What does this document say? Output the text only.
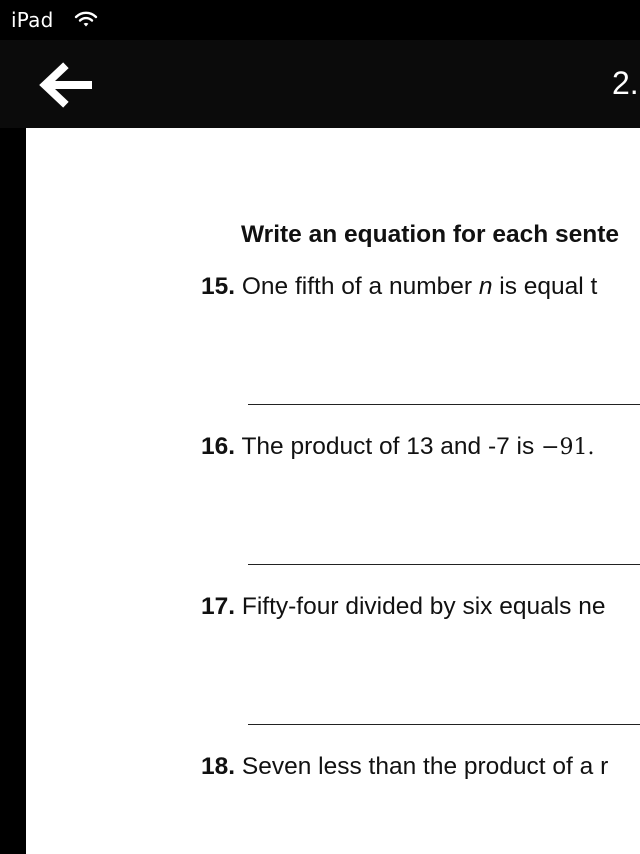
iPad
2.
Write an equation for each sente
15. One fifth of a number n is equal t
16. The product of 13 and -7 is −91.
17. Fifty-four divided by six equals ne
18. Seven less than the product of a r
